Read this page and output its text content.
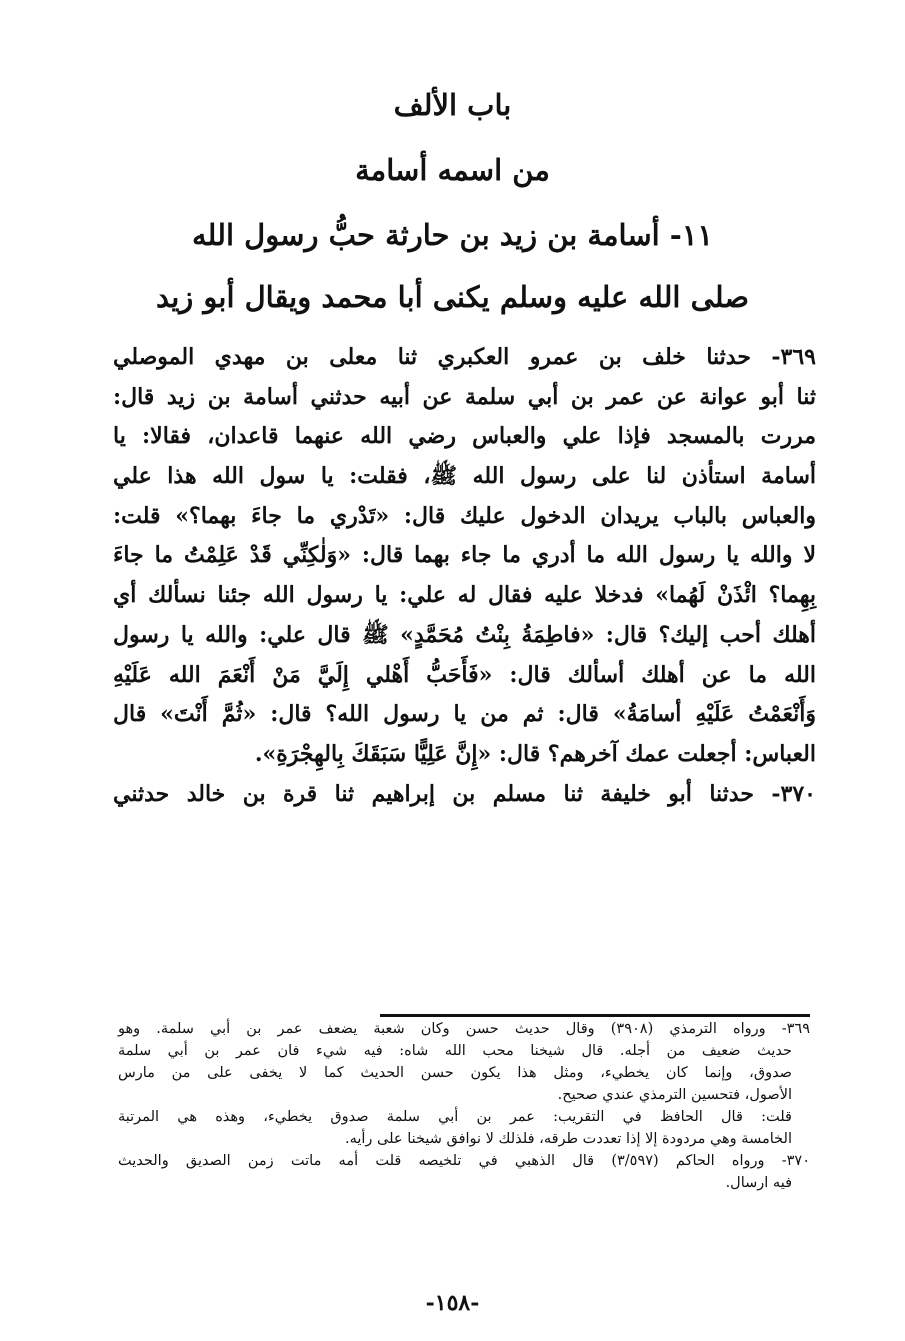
باب الألف
من اسمه أسامة
١١- أسامة بن زيد بن حارثة حبُّ رسول الله
صلى الله عليه وسلم يكنى أبا محمد ويقال أبو زيد
٣٦٩- حدثنا خلف بن عمرو العكبري ثنا معلى بن مهدي الموصلي
ثنا أبو عوانة عن عمر بن أبي سلمة عن أبيه حدثني أسامة بن زيد قال:
مررت بالمسجد فإذا علي والعباس رضي الله عنهما قاعدان، فقالا: يا
أسامة استأذن لنا على رسول الله ﷺ، فقلت: يا سول الله هذا علي
والعباس بالباب يريدان الدخول عليك قال: «تَدْري ما جاءَ بهما؟» قلت:
لا والله يا رسول الله ما أدري ما جاء بهما قال: «وَلٰكِنِّي قَدْ عَلِمْتُ ما جاءَ
بِهِما؟ ائْذَنْ لَهُما» فدخلا عليه فقال له علي: يا رسول الله جئنا نسألك أي
أهلك أحب إليك؟ قال: «فاطِمَةُ بِنْتُ مُحَمَّدٍ» ﷺ قال علي: والله يا رسول
الله ما عن أهلك أسألك قال: «فَأَحَبُّ أَهْلي إِلَيَّ مَنْ أَنْعَمَ الله عَلَيْهِ
وَأَنْعَمْتُ عَلَيْهِ أسامَةُ» قال: ثم من يا رسول الله؟ قال: «ثُمَّ أَنْتَ» قال
العباس: أجعلت عمك آخرهم؟ قال: «إِنَّ عَلِيًّا سَبَقَكَ بِالهِجْرَةِ».
٣٧٠- حدثنا أبو خليفة ثنا مسلم بن إبراهيم ثنا قرة بن خالد حدثني
٣٦٩- ورواه الترمذي (٣٩٠٨) وقال حديث حسن وكان شعبة يضعف عمر بن أبي سلمة. وهو
حديث ضعيف من أجله. قال شيخنا محب الله شاه: فيه شيء فان عمر بن أبي سلمة
صدوق، وإنما كان يخطيء، ومثل هذا يكون حسن الحديث كما لا يخفى على من مارس
الأصول، فتحسين الترمذي عندي صحيح.
قلت: قال الحافظ في التقريب: عمر بن أبي سلمة صدوق يخطيء، وهذه هي المرتبة
الخامسة وهي مردودة إلا إذا تعددت طرقه، فلذلك لا نوافق شيخنا على رأيه.
٣٧٠- ورواه الحاكم (٣/٥٩٧) قال الذهبي في تلخيصه قلت أمه ماتت زمن الصديق والحديث
فيه ارسال.
-١٥٨-
